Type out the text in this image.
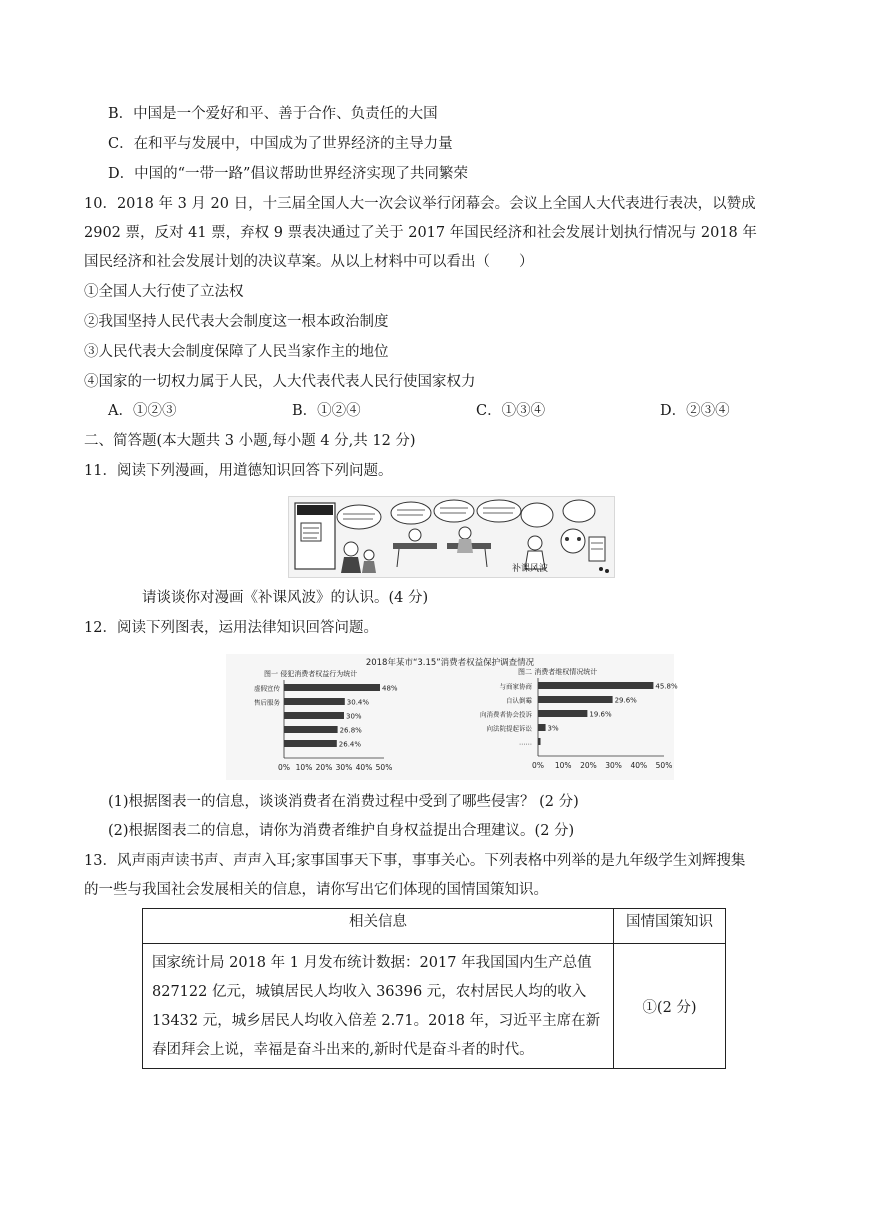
B．中国是一个爱好和平、善于合作、负责任的大国
C．在和平与发展中，中国成为了世界经济的主导力量
D．中国的“一带一路”倡议帮助世界经济实现了共同繁荣
10．2018 年 3 月 20 日，十三届全国人大一次会议举行闭幕会。会议上全国人大代表进行表决，以赞成
2902 票，反对 41 票，弃权 9 票表决通过了关于 2017 年国民经济和社会发展计划执行情况与 2018 年
国民经济和社会发展计划的决议草案。从以上材料中可以看出（　　）
①全国人大行使了立法权
②我国坚持人民代表大会制度这一根本政治制度
③人民代表大会制度保障了人民当家作主的地位
④国家的一切权力属于人民，人大代表代表人民行使国家权力
A．①②③	B．①②④	C．①③④	D．②③④
二、简答题(本大题共 3 小题,每小题 4 分,共 12 分)
11．阅读下列漫画，用道德知识回答下列问题。
补课风波
请谈谈你对漫画《补课风波》的认识。(4 分)
12．阅读下列图表，运用法律知识回答问题。
2018年某市“3.15”消费者权益保护调查情况
图一 侵犯消费者权益行为统计	图二 消费者维权情况统计
虚假宣传	48%
售后服务	30.4%
30%
26.8%
26.4%
0% 10% 20% 30% 40% 50%
与商家协商	45.8%
自认倒霉	29.6%
向消费者协会投诉	19.6%
向法院提起诉讼 3%
……
0% 10% 20% 30% 40% 50%
(1)根据图表一的信息，谈谈消费者在消费过程中受到了哪些侵害？ (2 分)
(2)根据图表二的信息，请你为消费者维护自身权益提出合理建议。(2 分)
13．风声雨声读书声、声声入耳;家事国事天下事，事事关心。下列表格中列举的是九年级学生刘辉搜集
的一些与我国社会发展相关的信息，请你写出它们体现的国情国策知识。
相关信息	国情国策知识

国家统计局 2018 年 1 月发布统计数据：2017 年我国国内生产总值
827122 亿元，城镇居民人均收入 36396 元，农村居民人均的收入
13432 元，城乡居民人均收入倍差 2.71。2018 年，习近平主席在新
春团拜会上说，幸福是奋斗出来的,新时代是奋斗者的时代。	①(2 分)
